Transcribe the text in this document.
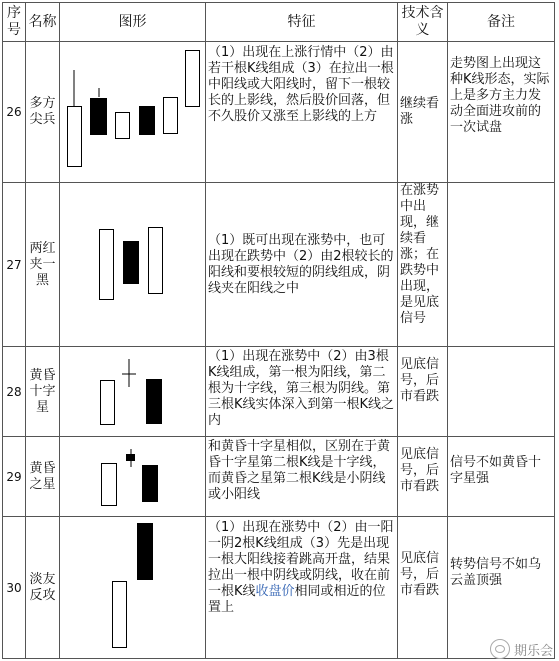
序号
名称	图形	特征
技术含义
备注
26
多方尖兵
（1）出现在上涨行情中（2）由若干根K线组成（3）在拉出一根中阳线或大阳线时，留下一根较长的上影线，然后股价回落，但不久股价又涨至上影线的上方
继续看涨
走势图上出现这种K线形态，实际上是多方主力发动全面进攻前的一次试盘
27
两红夹一黑
（1）既可出现在涨势中，也可出现在跌势中（2）由2根较长的阳线和要根较短的阴线组成，阴线夹在阳线之中
在涨势中出现，继续看涨；在跌势中出现，是见底信号
28
黄昏十字星
（1）出现在涨势中（2）由3根K线组成，第一根为阳线，第二根为十字线，第三根为阴线。第三根K线实体深入到第一根K线之内
见底信号，后市看跌
29
黄昏之星
和黄昏十字星相似，区别在于黄昏十字星第二根K线是十字线，而黄昏之星第二根K线是小阴线或小阳线
见底信号，后市看跌
信号不如黄昏十字星强
30
淡友反攻
（1）出现在涨势中（2）由一阳一阴2根K线组成（3）先是出现一根大阳线接着跳高开盘，结果拉出一根中阴线或阴线，收在前一根K线收盘价相同或相近的位置上
见底信号，后市看跌
转势信号不如乌云盖顶强
期乐会
